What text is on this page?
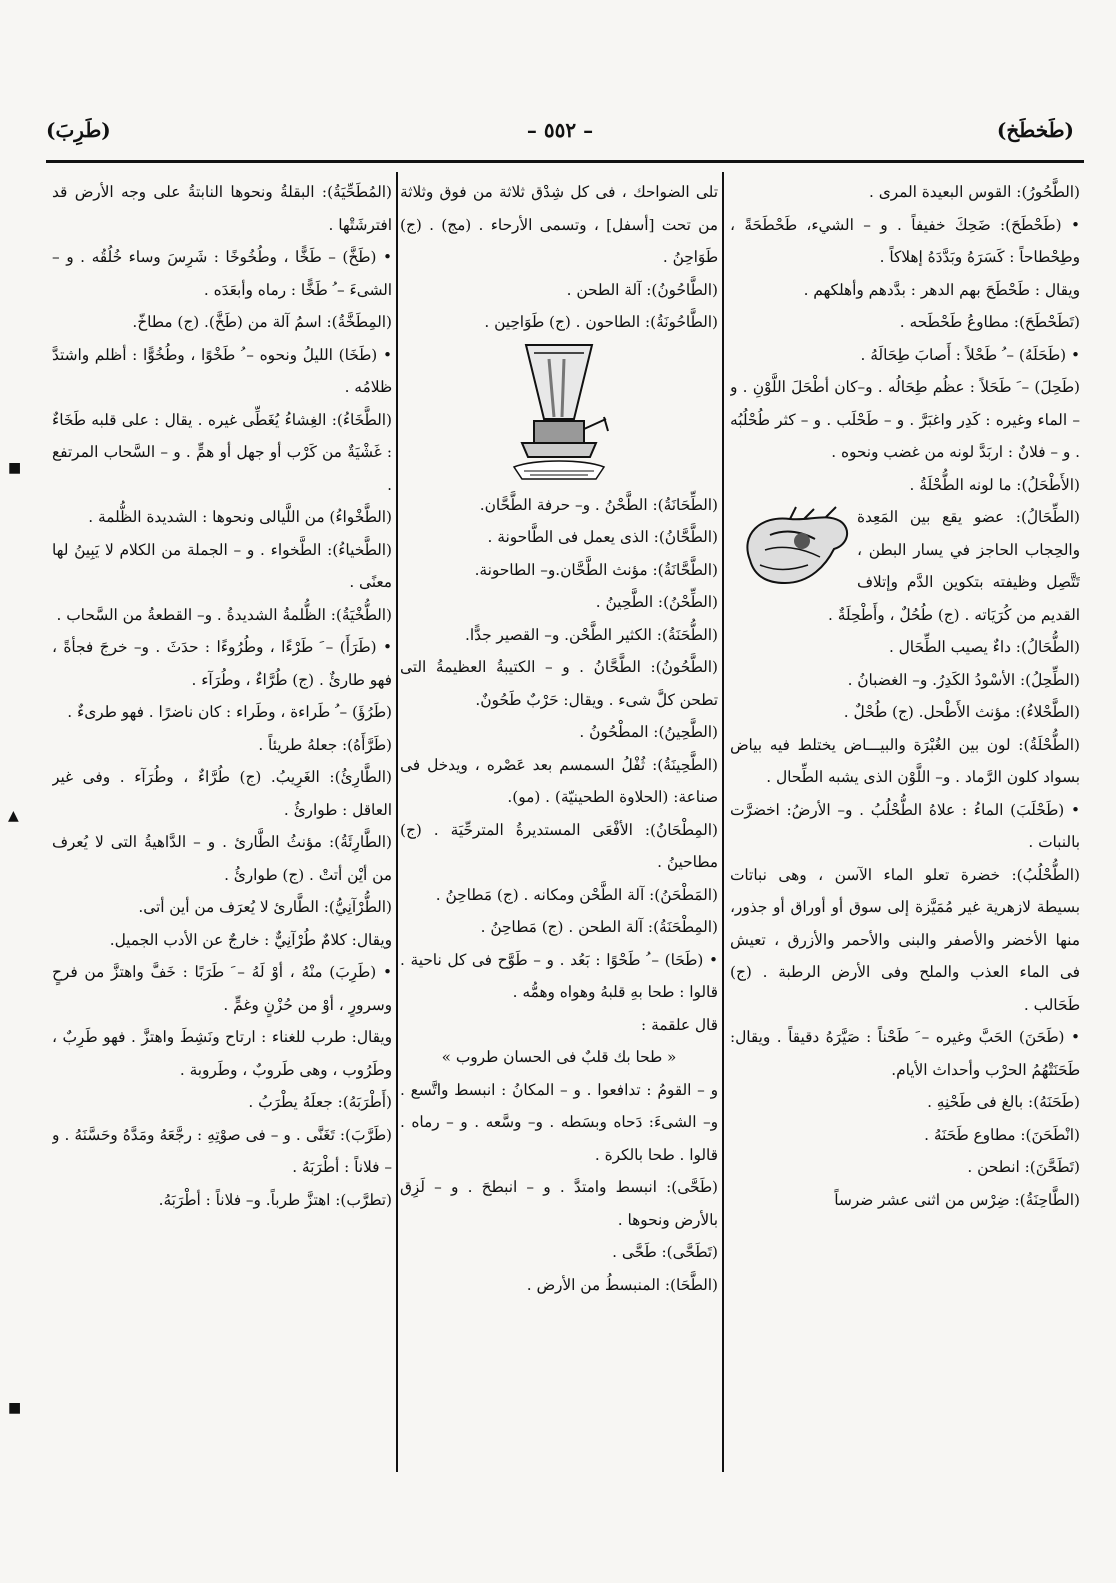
(طَخطَخ)
– ٥٥٢ –
(طَرِبَ)

(الطَّحُورُ): القوس البعيدة المرى .

• (طَحْطَحَ): ضَحِكَ خفيفاً . و – الشيء، طَحْطَحَةً ، وطِحْطاحاً : كَسَرَهُ وبَدَّدَهُ إهلاكاً .

ويقال : طَحْطَحَ بهم الدهر : بدَّدهم وأهلكهم .

(تَطَحْطَحَ): مطاوعُ طَحْطَحه .

• (طَحَلَهُ) – ُ طَحْلاً : أَصابَ طِحَالَهُ .

(طَحِلَ) – َ طَحَلاً : عظُم طِحَالُه . و–كان أطْحَلَ اللَّوْنِ . و – الماء وغيره : كَدِر واغبَرَّ . و – طَحْلَب . و – كثر طُحْلُبُه . و – فلانٌ : اربَدَّ لونه من غضب ونحوه .

(الأَطْحَلُ): ما لونه الطُّحْلَةُ .

(الطِّحَالُ): عضو يقع بين المَعِدة والحِجاب الحاجز في يسار البطن ، تَتَّصِل وظيفته بتكوين الدَّم وإتلاف القديم من كُرَيَاته . (ج) طُحُلٌ ، وأَطْحِلَةٌ .

(الطُّحَالُ): داءٌ يصيب الطِّحَال .

(الطِّحِلُ): الأسْودُ الكَدِرُ. و– الغضبانُ .

(الطَّحْلاءُ): مؤنث الأَطْحل. (ج) طُحْلٌ .

(الطُّحْلَةُ): لون بين الغُبْرَة والبيـــاض يختلط فيه بياض بسواد كلون الرَّماد . و– اللَّوْن الذى يشبه الطِّحال .

• (طَحْلَبَ) الماءُ : علاهُ الطُّحْلُبُ . و– الأرضُ: اخضرَّت بالنبات .

(الطُّحْلُبُ): خضرة تعلو الماء الآسن ، وهى نباتات بسيطة لازهرية غير مُمَيَّزة إلى سوق أو أوراق أو جذور، منها الأخضر والأصفر والبنى والأحمر والأزرق ، تعيش فى الماء العذب والملح وفى الأرض الرطبة . (ج) طَحَالب .

• (طَحَنَ) الحَبَّ وغيره – َ طَحْناً : صَيَّرَهُ دقيقاً . ويقال: طَحَنَتْهُمُ الحرْب وأحداث الأيام.

(طَحَنَهُ): بالغ فى طَحْنِهِ .

(انْطَحَنَ): مطاوع طَحَنَهُ .

(تَطَحَّنَ): انطحن .

(الطَّاحِنَةُ): ضِرْس من اثنى عشر ضرساً

تلى الضواحك ، فى كل شِدْق ثلاثة من فوق وثلاثة من تحت [أسفل] ، وتسمى الأرحاء . (مج) . (ج) طَوَاحِنُ .

(الطَّاحُونُ): آلة الطحن .

(الطَّاحُونَةُ): الطاحون . (ج) طَوَاحِين .

(الطِّحَانَةُ): الطَّحْنُ . و– حرفة الطَّحَّان.

(الطَّحَّانُ): الذى يعمل فى الطَّاحونة .

(الطَّحَّانَةُ): مؤنث الطَّحَّان.و– الطاحونة.

(الطِّحْنُ): الطَّحِينُ .

(الطُّحَنَةُ): الكثير الطَّحْن. و– القصير جدًّا.

(الطَّحُونُ): الطَّحَّانُ . و – الكتيبةُ العظيمةُ التى تطحن كلَّ شىء . ويقال: حَرْبٌ طَحُونٌ.

(الطَّحِينُ): المطْحُونُ .

(الطَّحِينَةُ): ثُفْلُ السمسم بعد عَصْره ، ويدخل فى صناعة: (الحلاوة الطحينيّة) . (مو).

(المِطْحَانُ): الأفْعَى المستديرةُ المترحِّيَة . (ج) مطاحينُ .

(المَطْحَنُ): آلة الطَّحْن ومكانه . (ج) مَطاحِنُ .

(المِطْحَنَةُ): آلة الطحن . (ج) مَطاحِنُ .

• (طَحَا) – ُ طَحْوًا : بَعُد . و – طَوَّح فى كل ناحية . قالوا : طحا بهِ قلبهُ وهواه وهمُّه .

قال علقمة :

« طحا بك قلبٌ فى الحسان طروب »

و – القومُ : تدافعوا . و – المكانُ : انبسط واتَّسع . و– الشىءَ: دَحاه وبسَطه . و– وسَّعه . و – رماه . قالوا . طحا بالكرة .

(طَحَّى): انبسط وامتدَّ . و – انبطحَ . و – لَزِق بالأرض ونحوها .

(تَطَحَّى): طَحَّى .

(الطَّحَا): المنبسطُ من الأرض .

(المُطَحِّيَةُ): البقلةُ ونحوها النابتةُ على وجه الأرض قد افترشَتْها .

• (طَخَّ) – طَخًّا ، وطُخُوخًا : شَرِسَ وساء خُلُقُه . و – الشىءَ – ُ طَخًّا : رماه وأبعَدَه .

(المِطَخَّةُ): اسمُ آلة من (طَخَّ). (ج) مطاخّ.

• (طَخَا) الليلُ ونحوه – ُ طَخْوًا ، وطُخُوًّا : أظلم واشتدَّ ظلامُه .

(الطَّخَاءُ): الغِشاءُ يُغَطِّى غيره . يقال : على قلبه طَخَاءٌ : غَشْيَةٌ من كَرْب أو جهل أو همٍّ . و – السَّحاب المرتفع .

(الطَّخْواءُ) من اللَّيالى ونحوها : الشديدة الظُّلمة .

(الطَّخياءُ): الطَّخواء . و – الجملة من الكلام لا يَبِينُ لها معنًى .

(الطُّخْيَةُ): الظُّلمةُ الشديدةُ . و– القطعةُ من السَّحاب .

• (طَرَأَ) – َ طَرْءًا ، وطُرُوءًا : حدَثَ . و– خرجَ فجأةً ، فهو طارئٌ . (ج) طُرَّاءٌ ، وطُرَآء .

(طَرُؤَ) – ُ طَراءة ، وطَراء : كان ناضرًا . فهو طرىءٌ .

(طَرَّأَهُ): جعلهُ طريئاً .

(الطَّارِئُ): الغَرِيبُ. (ج) طُرَّاءٌ ، وطُرَآء . وفى غير العاقل : طوارئُ .

(الطَّارِئَةُ): مؤنثُ الطَّارئ . و – الدَّاهيةُ التى لا يُعرف من أيْن أتتْ . (ج) طوارئُ .

(الطُّرْآنِيُّ): الطَّارئ لا يُعرَف من أين أتى.

ويقال: كلامٌ طُرْآنِيٌّ : خارجٌ عن الأدب الجميل.

• (طَرِبَ) منْهُ ، أوْ لَهُ – َ طَرَبًا : خَفَّ واهتزَّ من فرحٍ وسرورٍ ، أوْ من حُزْنٍ وغمٍّ .

ويقال: طرب للغناء : ارتاح ونَشِطَ واهتزَّ . فهو طَرِبٌ ، وطَرُوب ، وهى طَروبٌ ، وطَروبة .

(أَطْرَبَهُ): جعلَهُ يطْرَبُ .

(طَرَّبَ): تَغَنَّى . و – فى صوْتِهِ : رجَّعَهُ ومَدَّهُ وحَسَّنَهُ . و – فلاناً : أطْرَبَهُ .

(تطرَّب): اهتزَّ طرباً. و– فلاناً : أطْرَبَهُ.

■
▲
■
